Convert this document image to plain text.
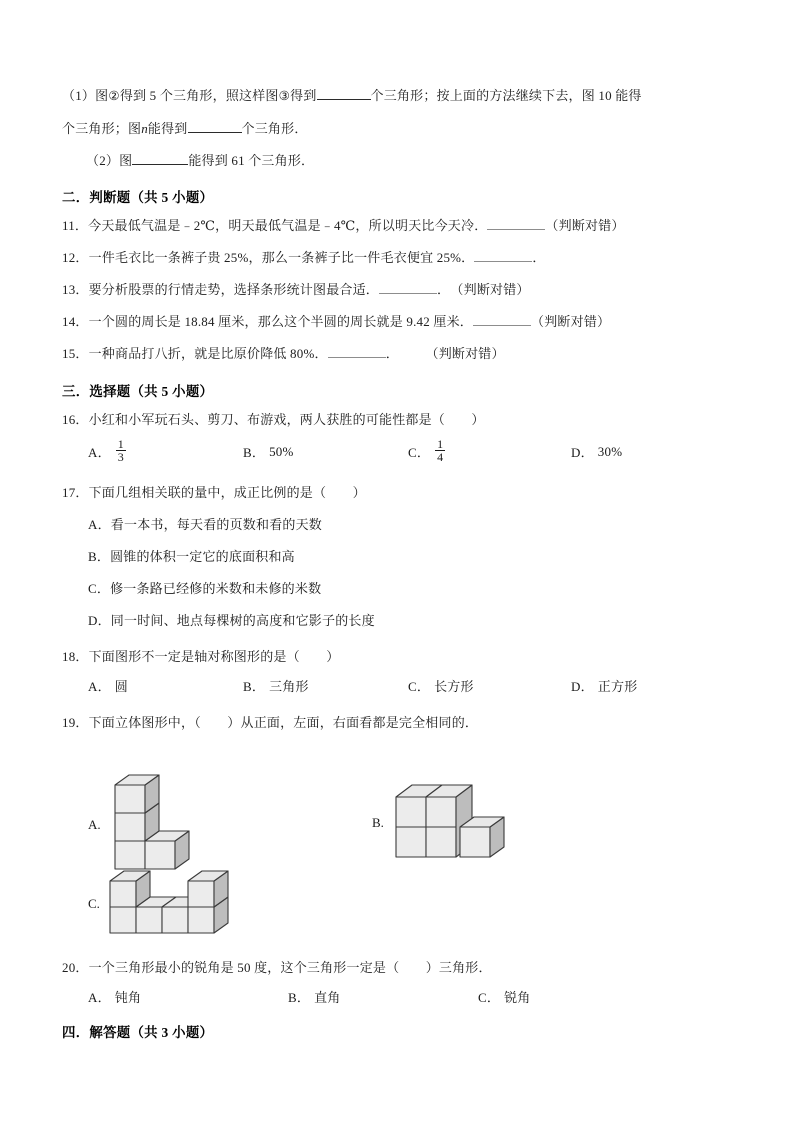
（1）图②得到 5 个三角形，照这样图③得到	个三角形；按上面的方法继续下去，图 10 能得
个三角形；图n能得到	个三角形．
（2）图	能得到 61 个三角形．
二．判断题（共 5 小题）
11．今天最低气温是﹣2℃，明天最低气温是﹣4℃，所以明天比今天冷．	（判断对错）
12．一件毛衣比一条裤子贵 25%，那么一条裤子比一件毛衣便宜 25%．	．
13．要分析股票的行情走势，选择条形统计图最合适．	．　（判断对错）
14．一个圆的周长是 18.84 厘米，那么这个半圆的周长就是 9.42 厘米．	（判断对错）
15．一种商品打八折，就是比原价降低 80%．	．　　　（判断对错）
三．选择题（共 5 小题）
16．小红和小军玩石头、剪刀、布游戏，两人获胜的可能性都是（　　）
A． $\frac{1}{3}$	B． 50%	C． $\frac{1}{4}$	D． 30%
17．下面几组相关联的量中，成正比例的是（　　）
A．看一本书，每天看的页数和看的天数
B．圆锥的体积一定它的底面积和高
C．修一条路已经修的米数和未修的米数
D．同一时间、地点每棵树的高度和它影子的长度
18．下面图形不一定是轴对称图形的是（　　）
A． 圆	B． 三角形	C． 长方形	D． 正方形
19．下面立体图形中，（　　）从正面，左面，右面看都是完全相同的．
A.	B.
C.
20．一个三角形最小的锐角是 50 度，这个三角形一定是（　　）三角形．
A． 钝角	B． 直角	C． 锐角
四．解答题（共 3 小题）
